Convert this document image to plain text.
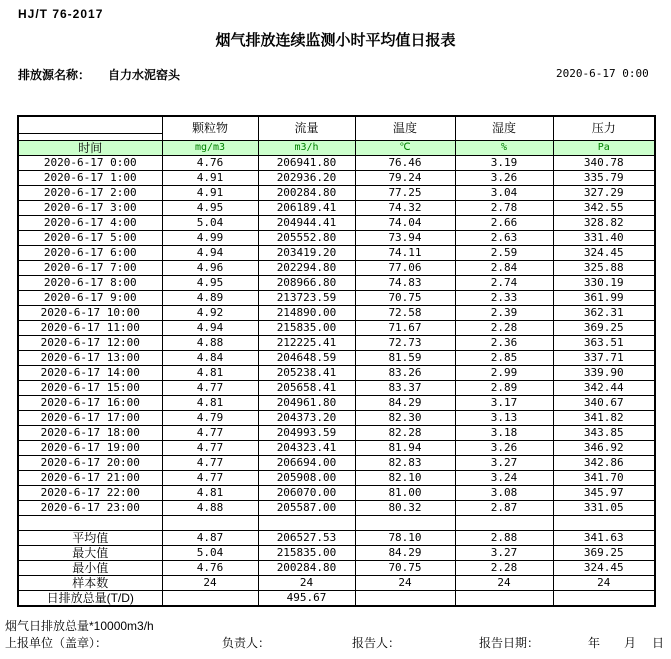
HJ/T 76-2017
烟气排放连续监测小时平均值日报表
排放源名称： 自力水泥窑头	2020-6-17 0:00
	颗粒物	流量	温度	湿度	压力
时间	mg/m3	m3/h	℃	%	Pa
2020-6-17 0:00	4.76	206941.80	76.46	3.19	340.78
2020-6-17 1:00	4.91	202936.20	79.24	3.26	335.79
2020-6-17 2:00	4.91	200284.80	77.25	3.04	327.29
2020-6-17 3:00	4.95	206189.41	74.32	2.78	342.55
2020-6-17 4:00	5.04	204944.41	74.04	2.66	328.82
2020-6-17 5:00	4.99	205552.80	73.94	2.63	331.40
2020-6-17 6:00	4.94	203419.20	74.11	2.59	324.45
2020-6-17 7:00	4.96	202294.80	77.06	2.84	325.88
2020-6-17 8:00	4.95	208966.80	74.83	2.74	330.19
2020-6-17 9:00	4.89	213723.59	70.75	2.33	361.99
2020-6-17 10:00	4.92	214890.00	72.58	2.39	362.31
2020-6-17 11:00	4.94	215835.00	71.67	2.28	369.25
2020-6-17 12:00	4.88	212225.41	72.73	2.36	363.51
2020-6-17 13:00	4.84	204648.59	81.59	2.85	337.71
2020-6-17 14:00	4.81	205238.41	83.26	2.99	339.90
2020-6-17 15:00	4.77	205658.41	83.37	2.89	342.44
2020-6-17 16:00	4.81	204961.80	84.29	3.17	340.67
2020-6-17 17:00	4.79	204373.20	82.30	3.13	341.82
2020-6-17 18:00	4.77	204993.59	82.28	3.18	343.85
2020-6-17 19:00	4.77	204323.41	81.94	3.26	346.92
2020-6-17 20:00	4.77	206694.00	82.83	3.27	342.86
2020-6-17 21:00	4.77	205908.00	82.10	3.24	341.70
2020-6-17 22:00	4.81	206070.00	81.00	3.08	345.97
2020-6-17 23:00	4.88	205587.00	80.32	2.87	331.05

平均值	4.87	206527.53	78.10	2.88	341.63
最大值	5.04	215835.00	84.29	3.27	369.25
最小值	4.76	200284.80	70.75	2.28	324.45
样本数	24	24	24	24	24
日排放总量(T/D)		495.67			
烟气日排放总量*10000m3/h
上报单位（盖章）：	负责人：	报告人：	报告日期：	年 月 日
